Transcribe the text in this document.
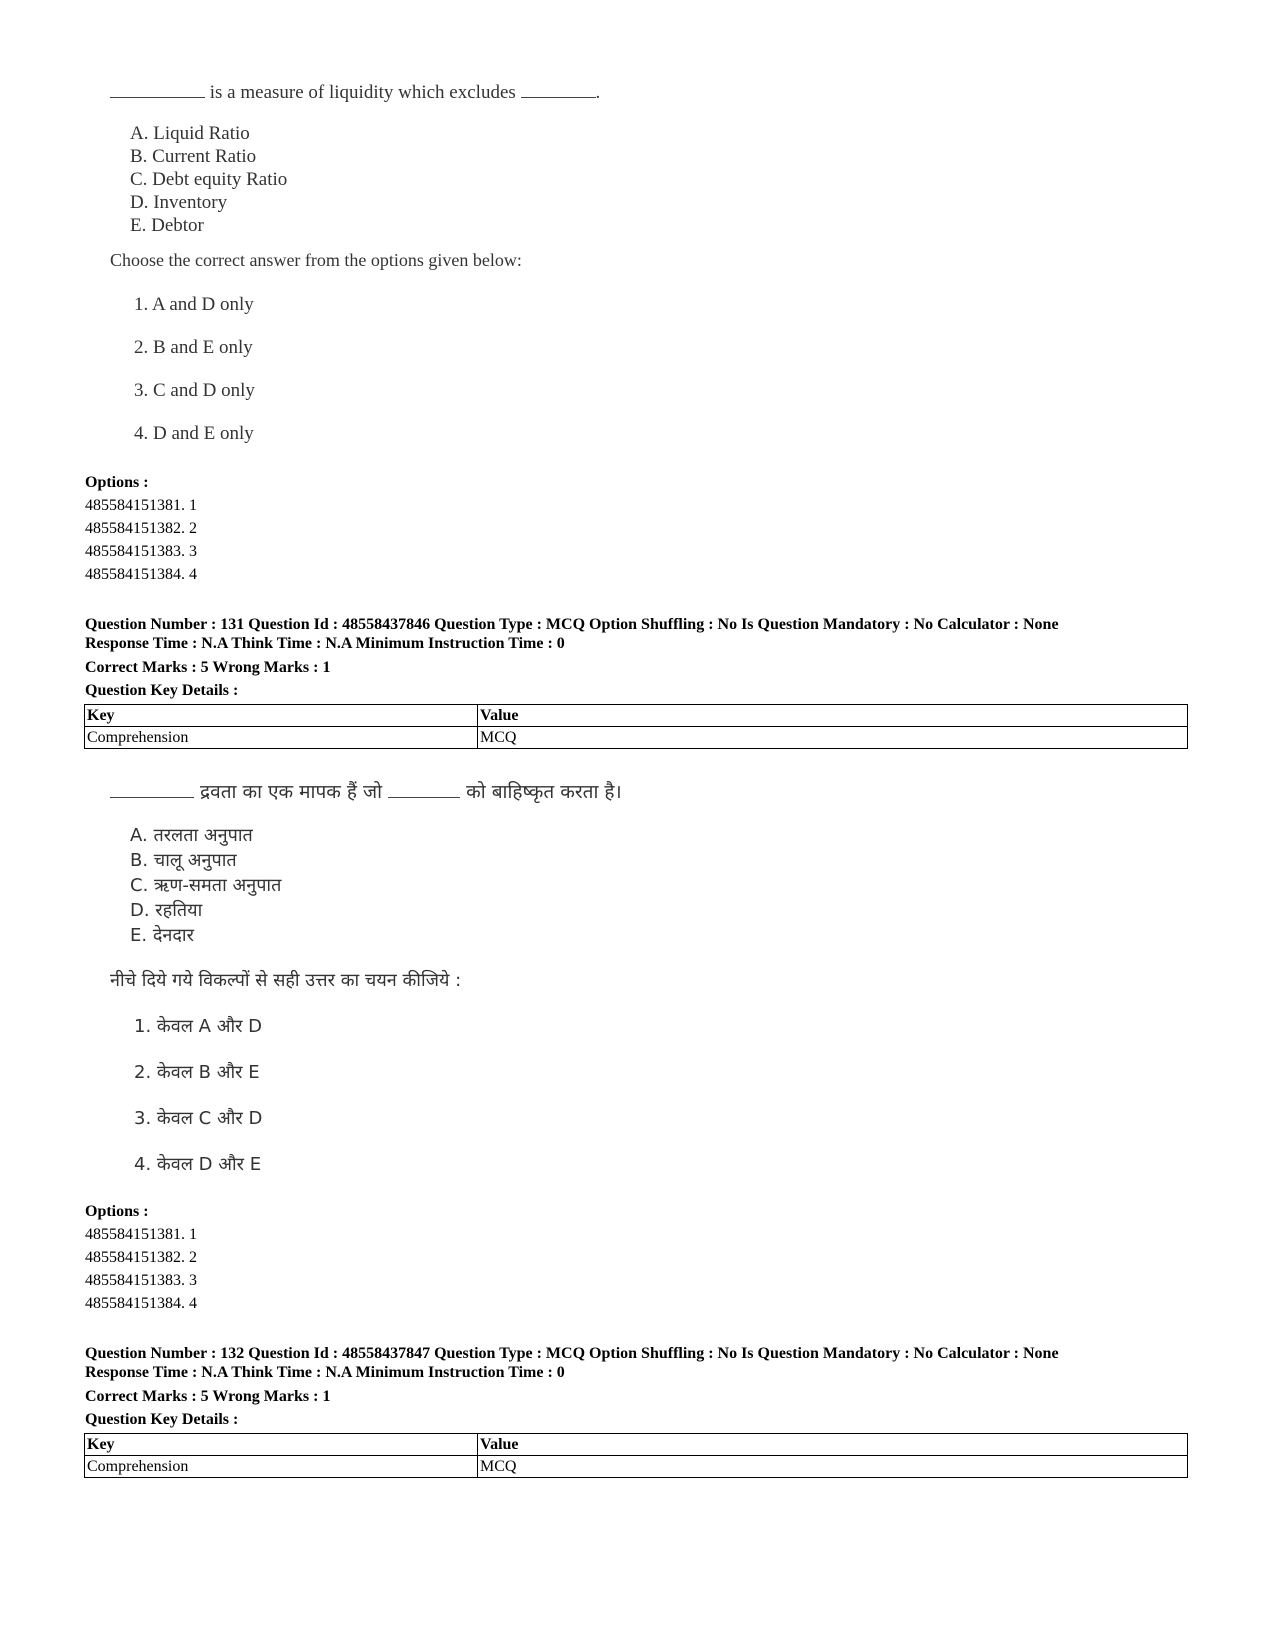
is a measure of liquidity which excludes	.
A. Liquid Ratio
B. Current Ratio
C. Debt equity Ratio
D. Inventory
E. Debtor
Choose the correct answer from the options given below:
1. A and D only
2. B and E only
3. C and D only
4. D and E only
Options :
485584151381. 1
485584151382. 2
485584151383. 3
485584151384. 4
Question Number : 131 Question Id : 48558437846 Question Type : MCQ Option Shuffling : No Is Question Mandatory : No Calculator : None
Response Time : N.A Think Time : N.A Minimum Instruction Time : 0
Correct Marks : 5 Wrong Marks : 1
Question Key Details :
Key	Value
Comprehension	MCQ
द्रवता का एक मापक हैं जो	को बाहिष्कृत करता है।
A. तरलता अनुपात
B. चालू अनुपात
C. ऋण-समता अनुपात
D. रहतिया
E. देनदार
नीचे दिये गये विकल्पों से सही उत्तर का चयन कीजिये :
1. केवल A और D
2. केवल B और E
3. केवल C और D
4. केवल D और E
Options :
485584151381. 1
485584151382. 2
485584151383. 3
485584151384. 4
Question Number : 132 Question Id : 48558437847 Question Type : MCQ Option Shuffling : No Is Question Mandatory : No Calculator : None
Response Time : N.A Think Time : N.A Minimum Instruction Time : 0
Correct Marks : 5 Wrong Marks : 1
Question Key Details :
Key	Value
Comprehension	MCQ
